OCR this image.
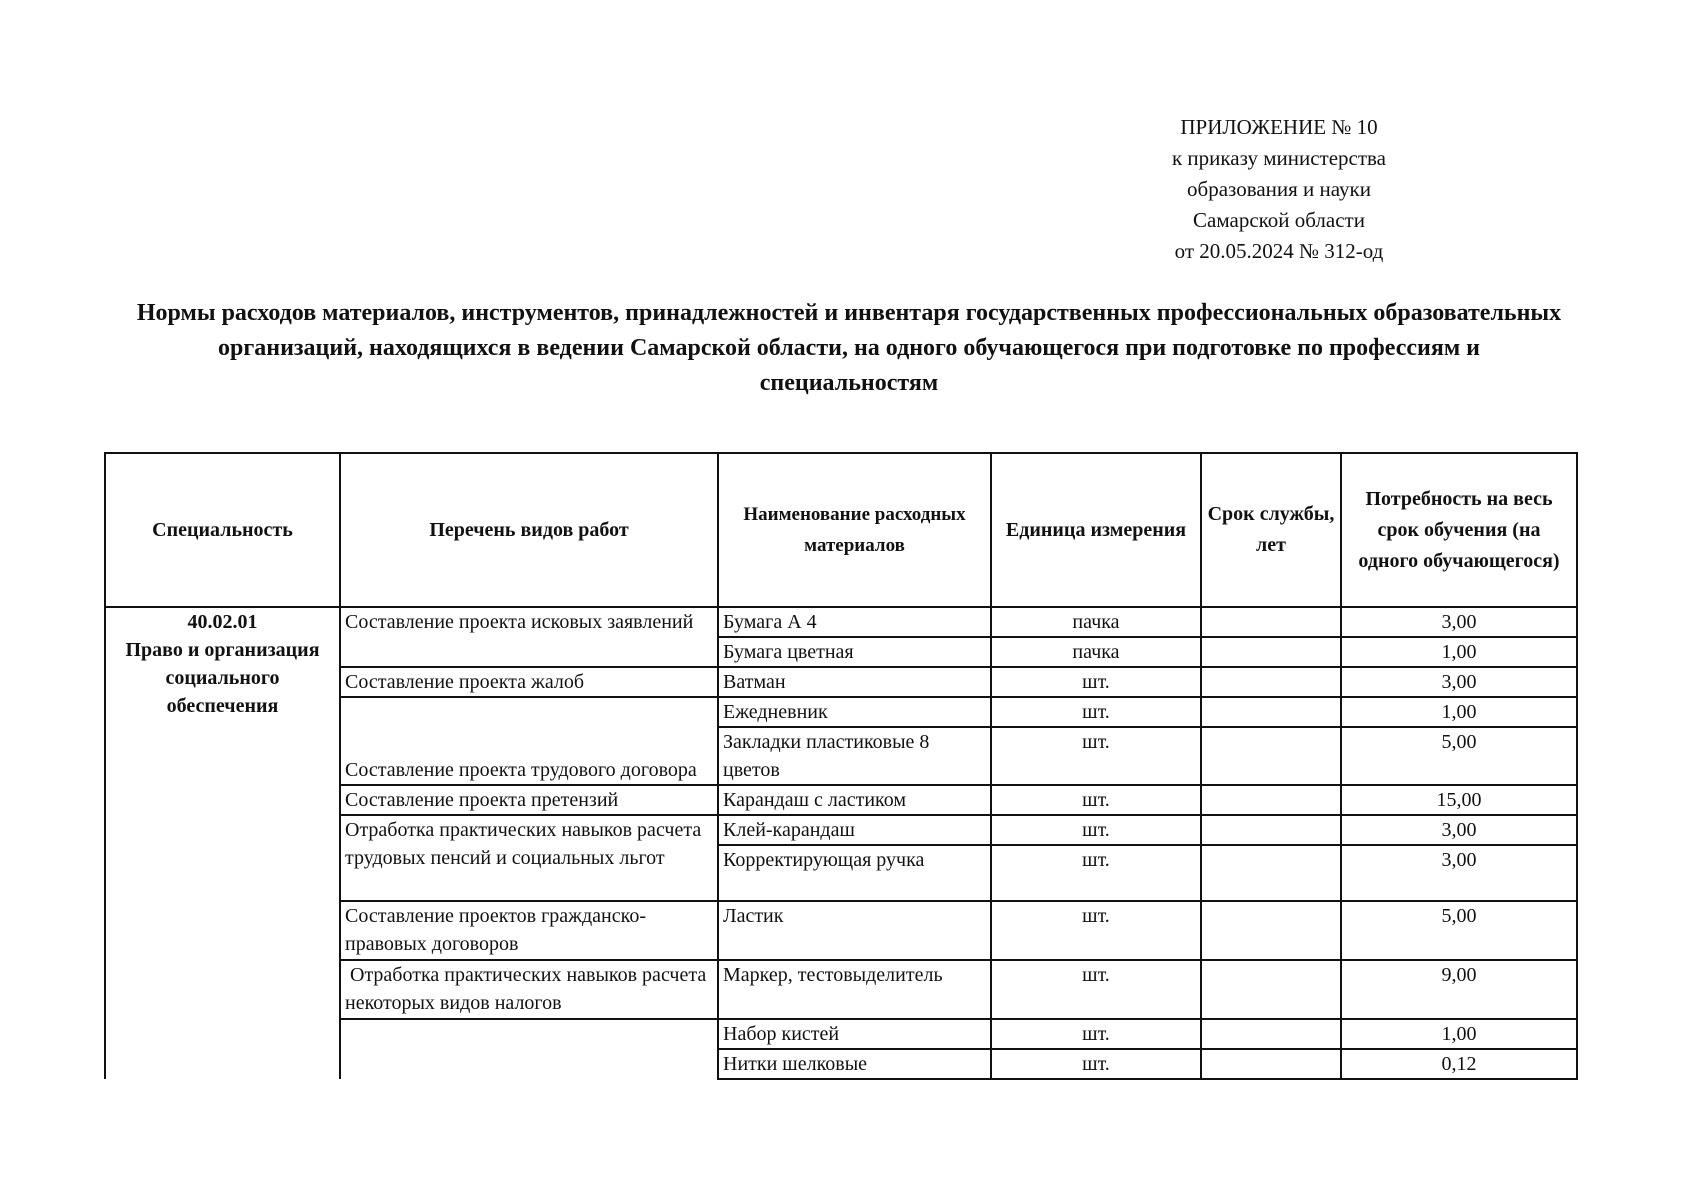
ПРИЛОЖЕНИЕ № 10
к приказу министерства
образования и науки
Самарской области
от 20.05.2024 № 312-од
Нормы расходов материалов, инструментов, принадлежностей и инвентаря государственных профессиональных образовательных организаций, находящихся в ведении Самарской области, на одного обучающегося при подготовке по профессиям и специальностям
Специальность	Перечень видов работ	Наименование расходных материалов	Единица измерения	Срок службы, лет	Потребность на весь срок обучения (на одного обучающегося)

40.02.01
Право и организация социального обеспечения	Составление проекта исковых заявлений	Бумага А 4	пачка		3,00
		Бумага цветная	пачка		1,00
	Составление проекта жалоб	Ватман	шт.		3,00
	Составление проекта трудового договора	Ежедневник	шт.		1,00
		Закладки пластиковые 8 цветов	шт.		5,00
	Составление проекта претензий	Карандаш с ластиком	шт.		15,00
	Отработка практических навыков расчета трудовых пенсий и социальных льгот	Клей-карандаш	шт.		3,00
		Корректирующая ручка	шт.		3,00
	Составление проектов гражданско-правовых договоров	Ластик	шт.		5,00
	Отработка практических навыков расчета некоторых видов налогов	Маркер, тестовыделитель	шт.		9,00
		Набор кистей	шт.		1,00
		Нитки шелковые	шт.		0,12
